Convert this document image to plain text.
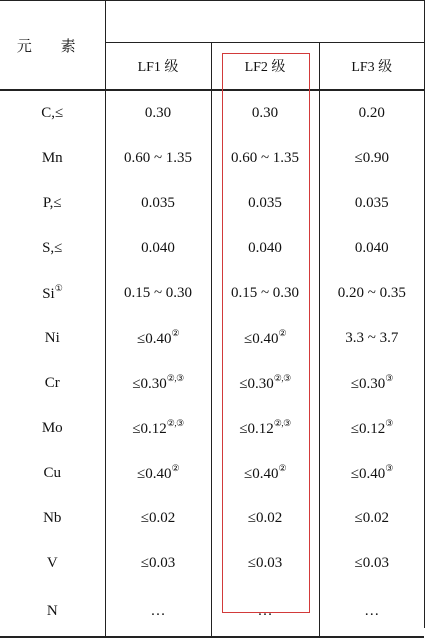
元 素			
	LF1 级	LF2 级	LF3 级
C,≤	0.30	0.30	0.20
Mn	0.60 ~ 1.35	0.60 ~ 1.35	≤0.90
P,≤	0.035	0.035	0.035
S,≤	0.040	0.040	0.040
Si①	0.15 ~ 0.30	0.15 ~ 0.30	0.20 ~ 0.35
Ni	≤0.40②	≤0.40②	3.3 ~ 3.7
Cr	≤0.30②,③	≤0.30②,③	≤0.30③
Mo	≤0.12②,③	≤0.12②,③	≤0.12③
Cu	≤0.40②	≤0.40②	≤0.40③
Nb	≤0.02	≤0.02	≤0.02
V	≤0.03	≤0.03	≤0.03
N	…	…	…
